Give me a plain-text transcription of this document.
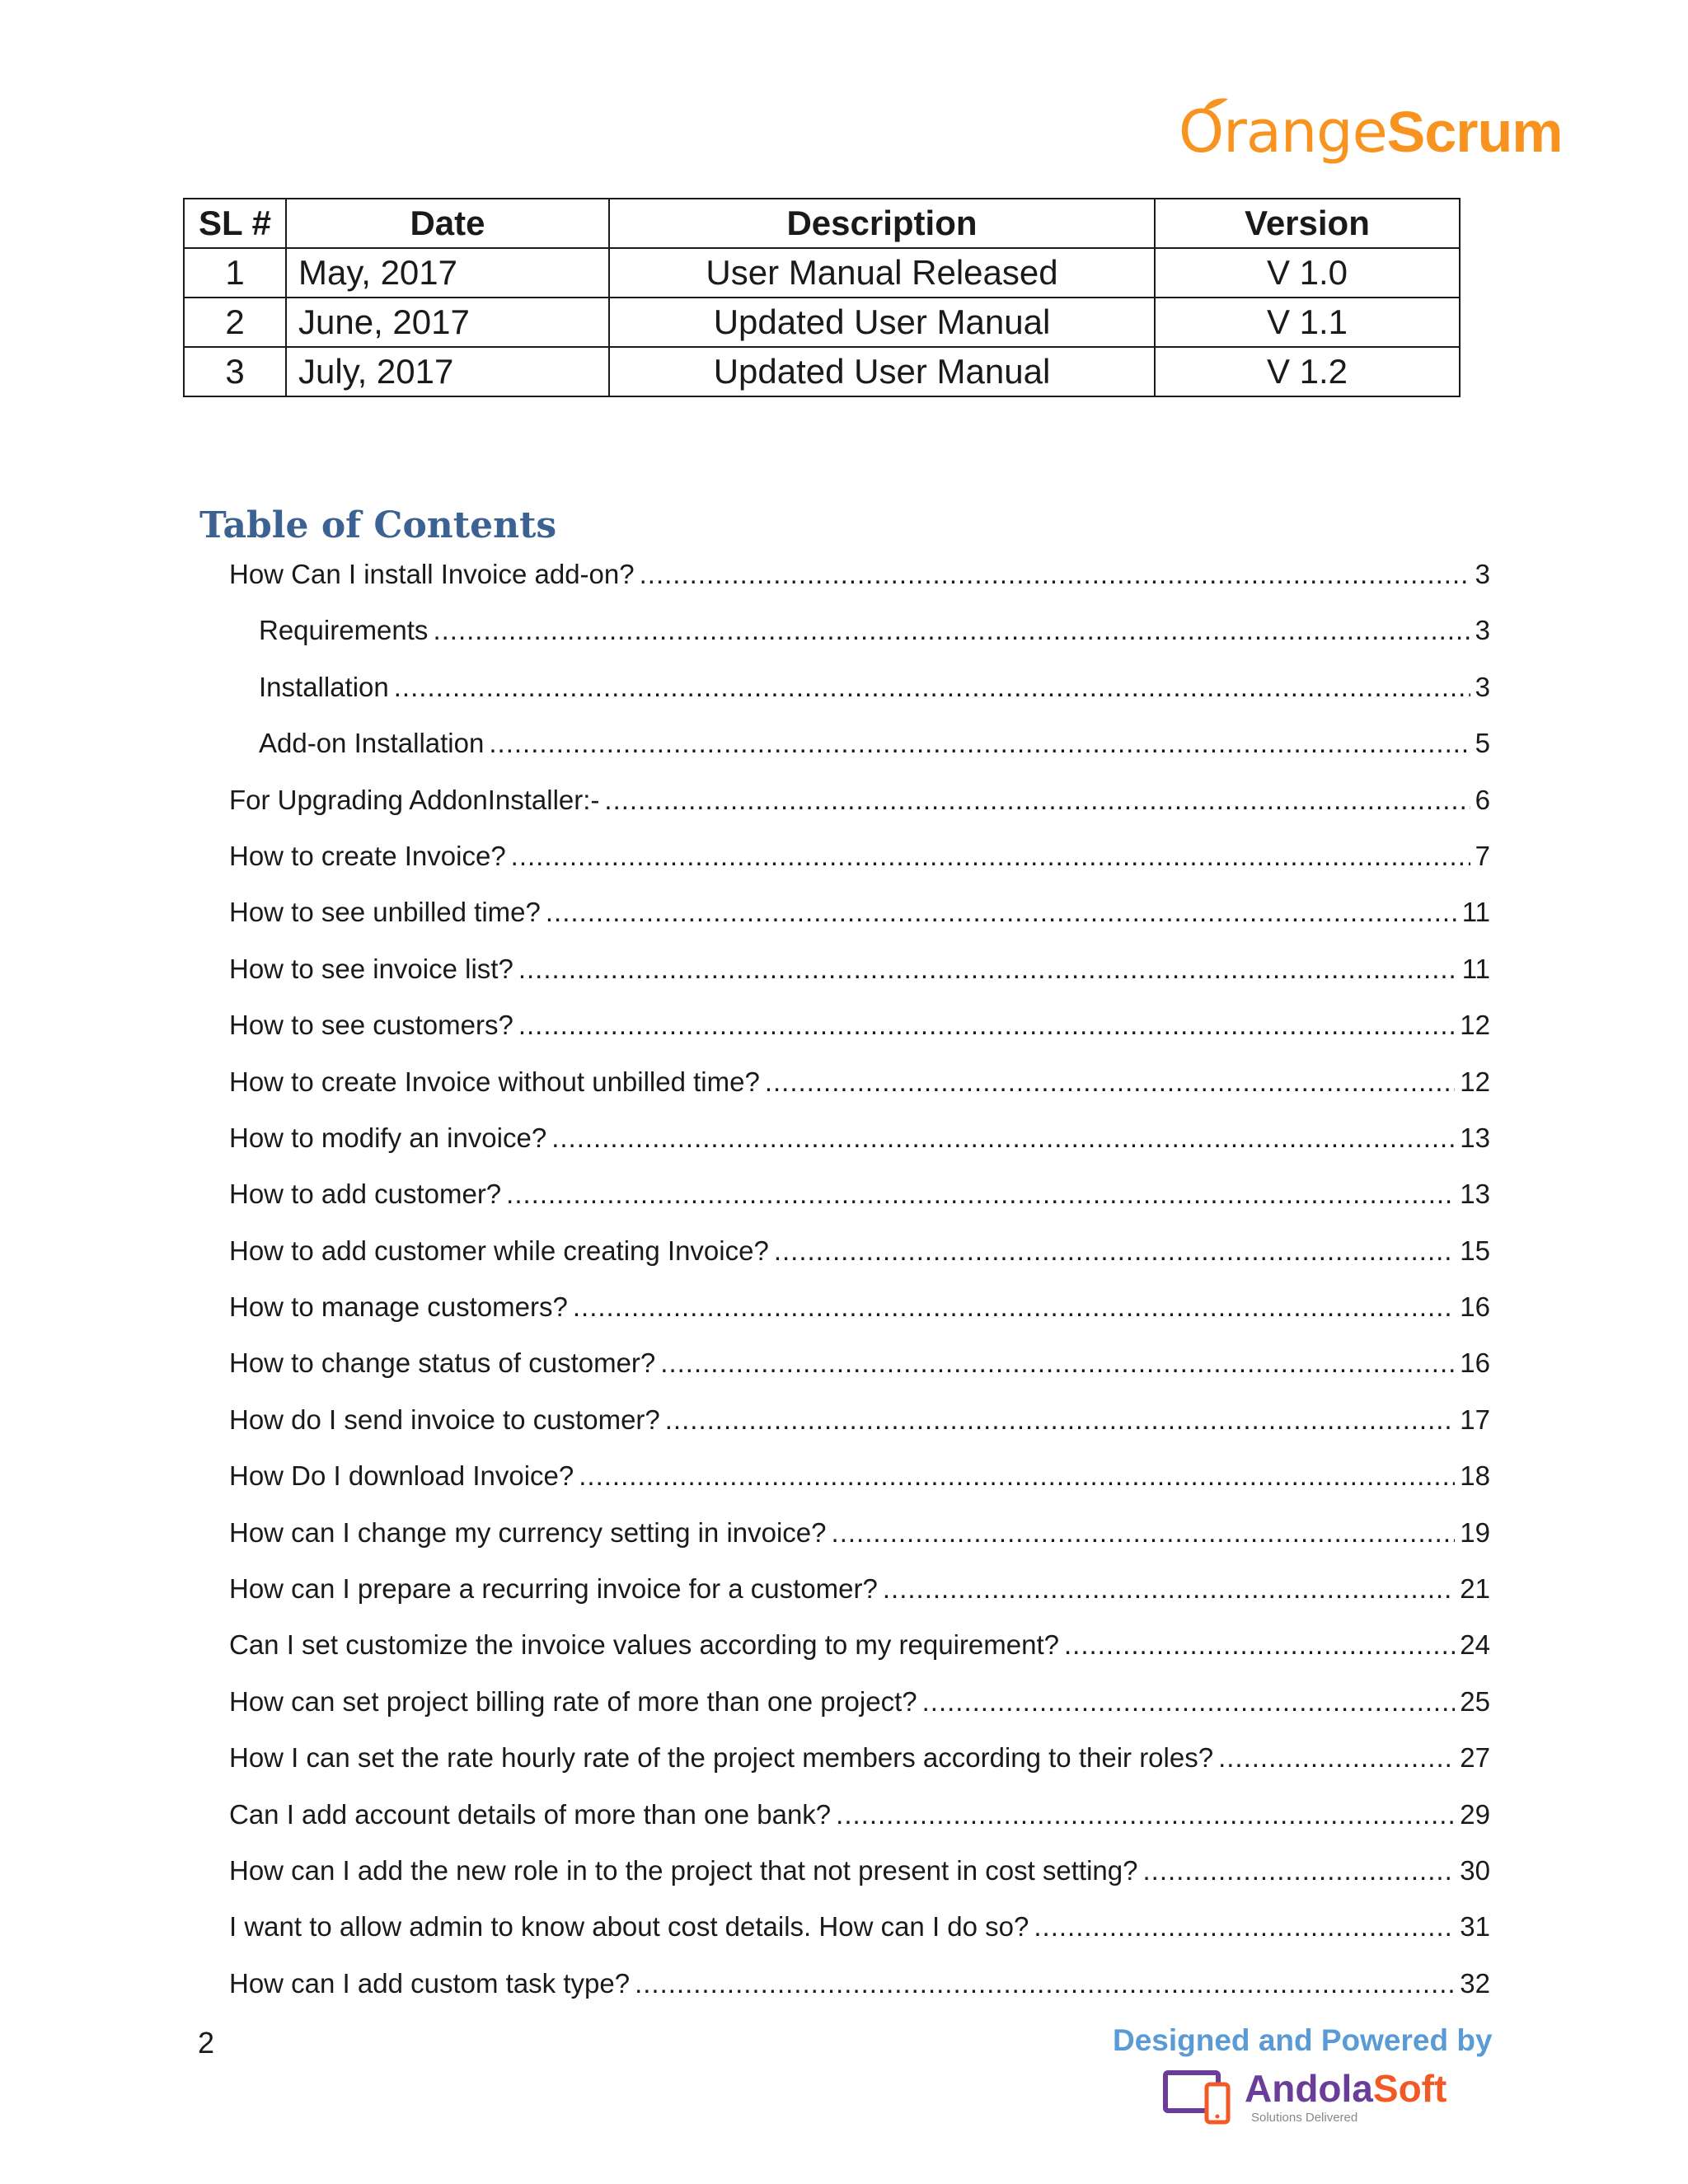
OrangeScrum
SL #	Date	Description	Version
1	May, 2017	User Manual Released	V 1.0
2	June, 2017	Updated User Manual	V 1.1
3	July, 2017	Updated User Manual	V 1.2
Table of Contents
How Can I install Invoice add-on? .....	3
Requirements .....	3
Installation .....	3
Add-on Installation .....	5
For Upgrading AddonInstaller:- .....	6
How to create Invoice? .....	7
How to see unbilled time? .....	11
How to see invoice list? .....	11
How to see customers? .....	12
How to create Invoice without unbilled time? .....	12
How to modify an invoice? .....	13
How to add customer? .....	13
How to add customer while creating Invoice? .....	15
How to manage customers? .....	16
How to change status of customer? .....	16
How do I send invoice to customer? .....	17
How Do I download Invoice? .....	18
How can I change my currency setting in invoice? .....	19
How can I prepare a recurring invoice for a customer? .....	21
Can I set customize the invoice values according to my requirement? .....	24
How can set project billing rate of more than one project? .....	25
How I can set the rate hourly rate of the project members according to their roles? .....	27
Can I add account details of more than one bank? .....	29
How can I add the new role in to the project that not present in cost setting? .....	30
I want to allow admin to know about cost details. How can I do so? .....	31
How can I add custom task type? .....	32
2	Designed and Powered by
AndolaSoft
Solutions Delivered
